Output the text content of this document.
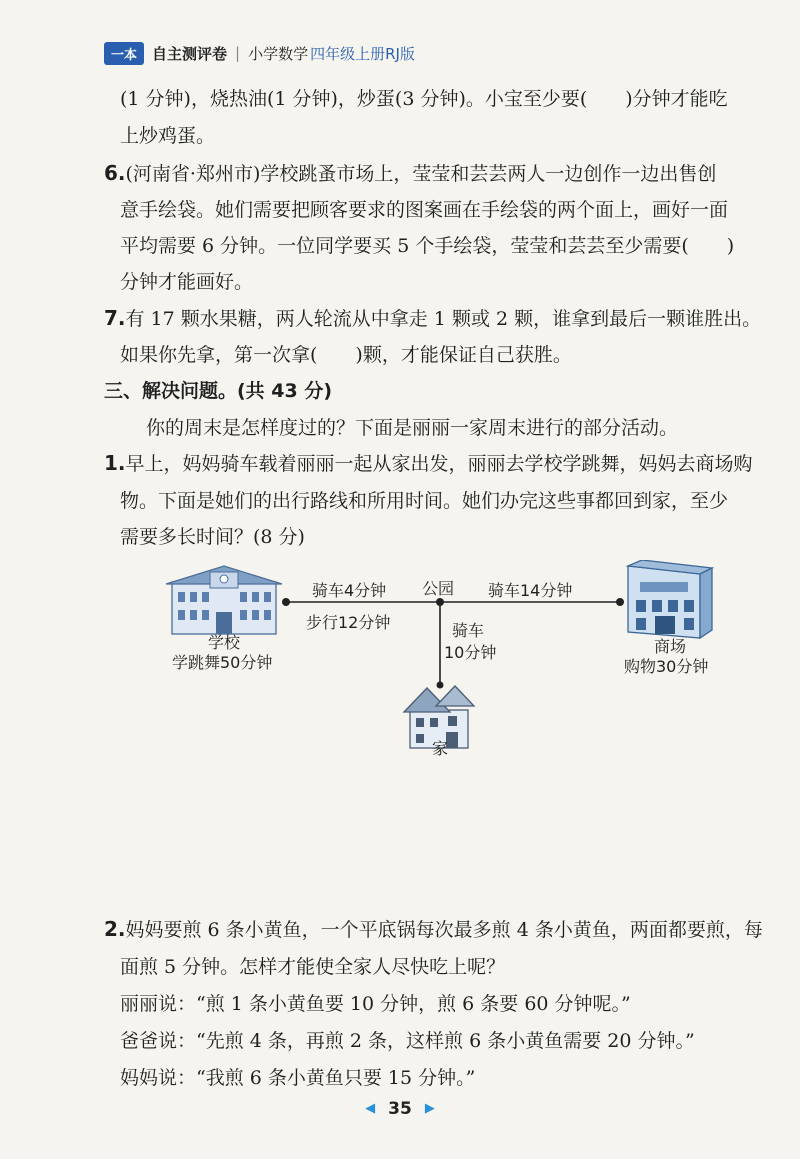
一本	自主测评卷 | 小学数学 四年级上册RJ版
(1 分钟)，烧热油(1 分钟)，炒蛋(3 分钟)。小宝至少要(　　)分钟才能吃
上炒鸡蛋。
6.(河南省·郑州市)学校跳蚤市场上，莹莹和芸芸两人一边创作一边出售创
意手绘袋。她们需要把顾客要求的图案画在手绘袋的两个面上，画好一面
平均需要 6 分钟。一位同学要买 5 个手绘袋，莹莹和芸芸至少需要(　　)
分钟才能画好。
7.有 17 颗水果糖，两人轮流从中拿走 1 颗或 2 颗，谁拿到最后一颗谁胜出。
如果你先拿，第一次拿(　　)颗，才能保证自己获胜。
三、解决问题。(共 43 分)
你的周末是怎样度过的？下面是丽丽一家周末进行的部分活动。
1.早上，妈妈骑车载着丽丽一起从家出发，丽丽去学校学跳舞，妈妈去商场购
物。下面是她们的出行路线和所用时间。她们办完这些事都回到家，至少
需要多长时间？(8 分)
骑车4分钟
步行12分钟
公园 骑车14分钟
骑车
10分钟
学校
学跳舞50分钟
商场
购物30分钟
家
2.妈妈要煎 6 条小黄鱼，一个平底锅每次最多煎 4 条小黄鱼，两面都要煎，每
面煎 5 分钟。怎样才能使全家人尽快吃上呢？
丽丽说：“煎 1 条小黄鱼要 10 分钟，煎 6 条要 60 分钟呢。”
爸爸说：“先煎 4 条，再煎 2 条，这样煎 6 条小黄鱼需要 20 分钟。”
妈妈说：“我煎 6 条小黄鱼只要 15 分钟。”
◀ 35 ▶
